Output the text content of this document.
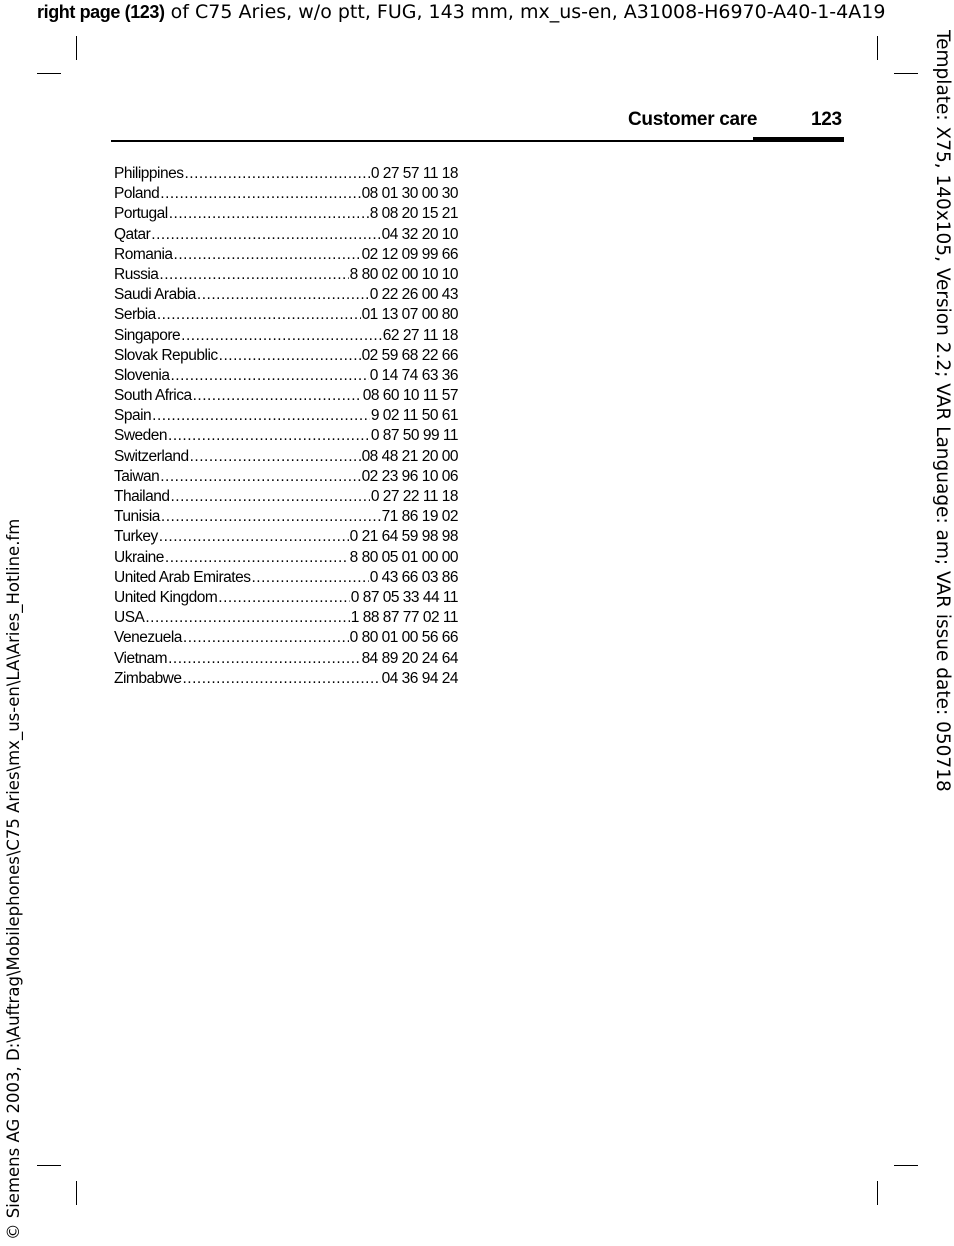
right page (123) of C75 Aries, w/o ptt, FUG, 143 mm, mx_us-en, A31008-H6970-A40-1-4A19
Template: X75, 140x105, Version 2.2; VAR Language: am; VAR issue date: 050718
© Siemens AG 2003, D:\Auftrag\Mobilephones\C75 Aries\mx_us-en\LA\Aries_Hotline.fm
Customer care	123
Philippines .....	0 27 57 11 18
Poland .....	08 01 30 00 30
Portugal .....	8 08 20 15 21
Qatar .....	04 32 20 10
Romania .....	02 12 09 99 66
Russia .....	8 80 02 00 10 10
Saudi Arabia .....	0 22 26 00 43
Serbia .....	01 13 07 00 80
Singapore .....	62 27 11 18
Slovak Republic .....	02 59 68 22 66
Slovenia .....	0 14 74 63 36
South Africa .....	08 60 10 11 57
Spain .....	9 02 11 50 61
Sweden .....	0 87 50 99 11
Switzerland .....	08 48 21 20 00
Taiwan .....	02 23 96 10 06
Thailand .....	0 27 22 11 18
Tunisia .....	71 86 19 02
Turkey .....	0 21 64 59 98 98
Ukraine .....	8 80 05 01 00 00
United Arab Emirates .....	0 43 66 03 86
United Kingdom .....	0 87 05 33 44 11
USA .....	1 88 87 77 02 11
Venezuela .....	0 80 01 00 56 66
Vietnam .....	84 89 20 24 64
Zimbabwe .....	04 36 94 24
